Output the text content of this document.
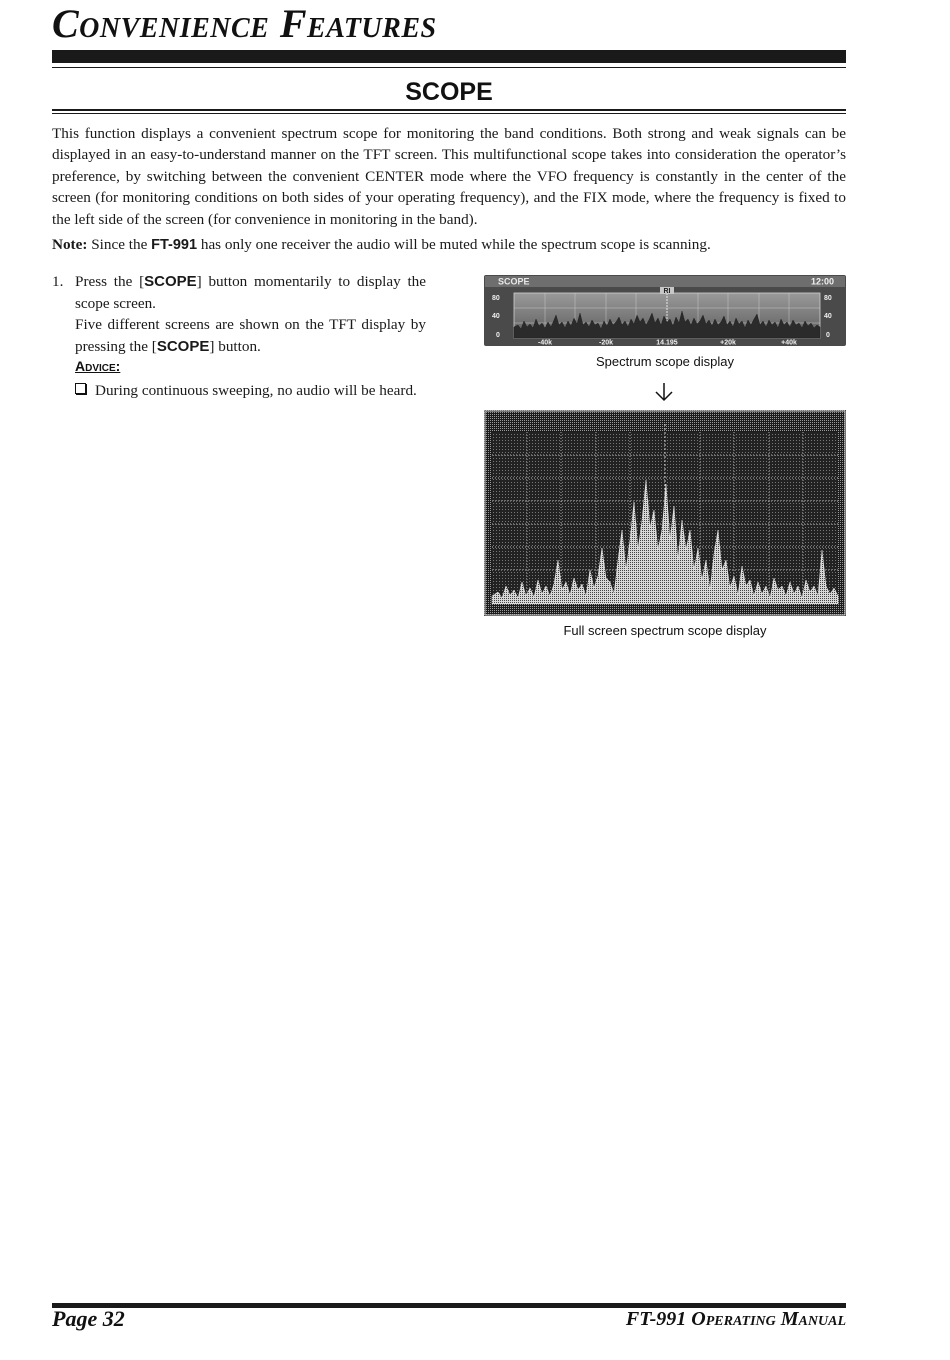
Convenience Features
SCOPE

This function displays a convenient spectrum scope for monitoring the band conditions. Both strong and weak signals can be displayed in an easy-to-understand manner on the TFT screen. This multifunctional scope takes into consideration the operator’s preference, by switching between the convenient CENTER mode where the VFO frequency is constantly in the center of the screen (for monitoring conditions on both sides of your operating frequency), and the FIX mode, where the frequency is fixed to the left side of the screen (for convenience in monitoring in the band).

Note: Since the FT-991 has only one receiver the audio will be muted while the spectrum scope is scanning.

1. Press the [SCOPE] button momentarily to display the scope screen.

Five different screens are shown on the TFT display by pressing the [SCOPE] button.

Advice:
During continuous sweeping, no audio will be heard.
SCOPE	12:00
RI
80
40
0
80
40
0
-40k	-20k	14.195	+20k	+40k
Spectrum scope display
Full screen spectrum scope display
Page 32	FT-991 Operating Manual
